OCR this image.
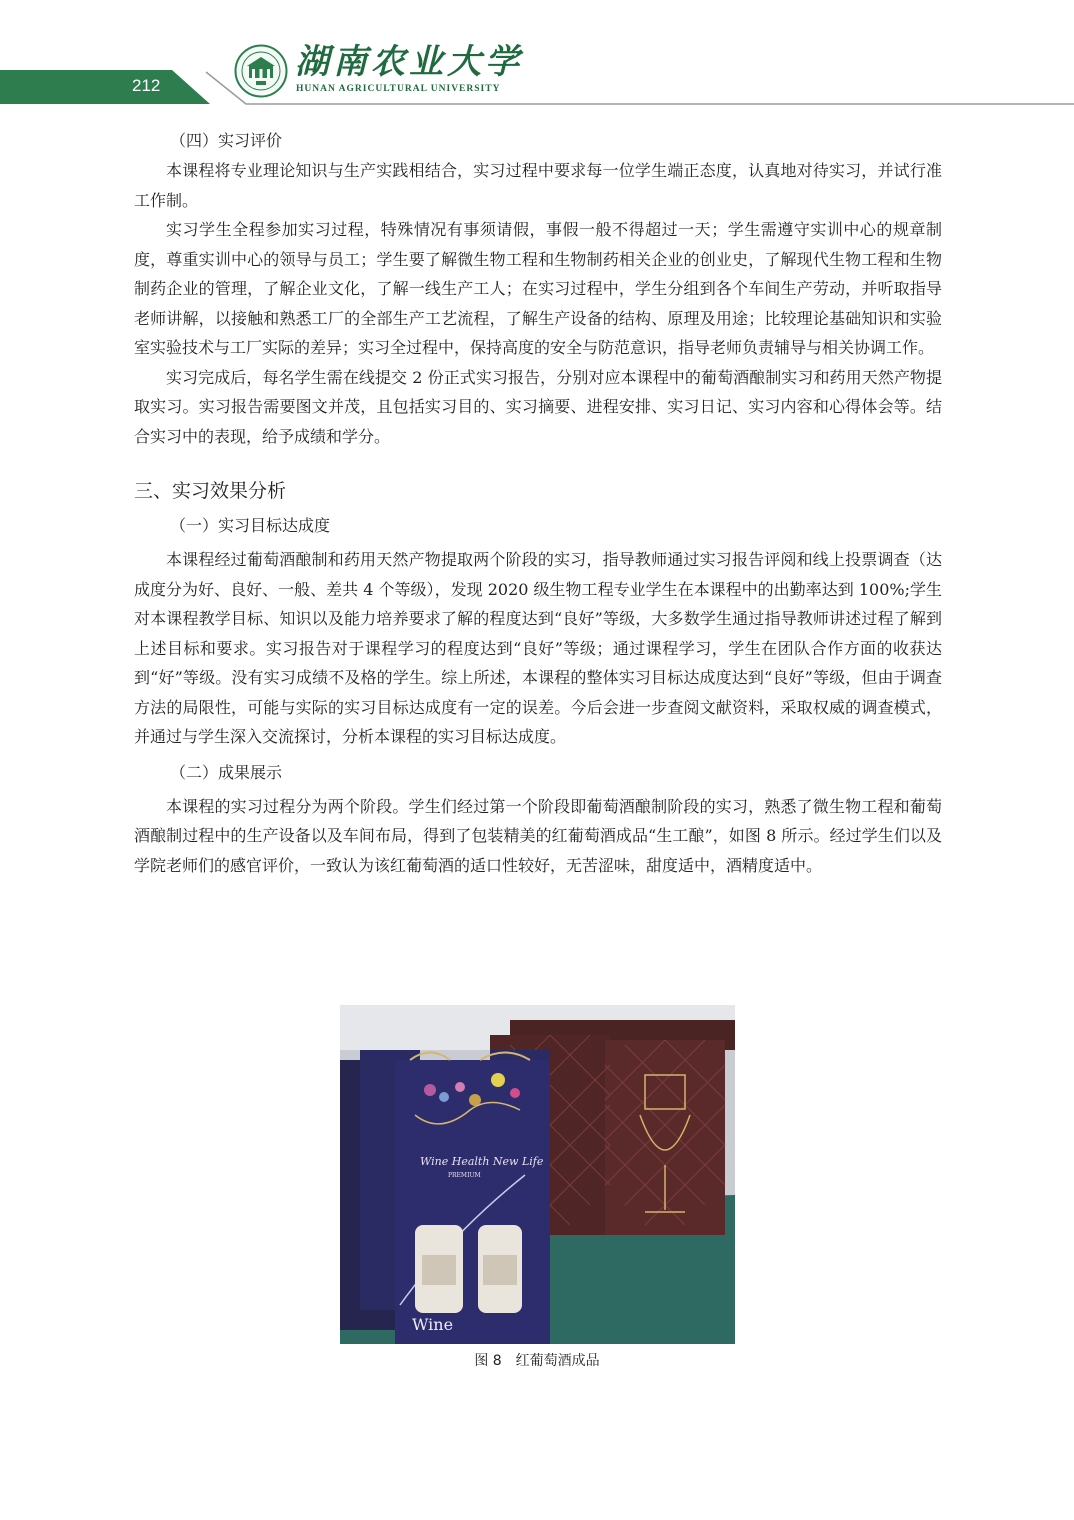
212
湖南农业大学
HUNAN AGRICULTURAL UNIVERSITY
（四）实习评价

本课程将专业理论知识与生产实践相结合，实习过程中要求每一位学生端正态度，认真地对待实习，并试行准工作制。

实习学生全程参加实习过程，特殊情况有事须请假，事假一般不得超过一天；学生需遵守实训中心的规章制度，尊重实训中心的领导与员工；学生要了解微生物工程和生物制药相关企业的创业史，了解现代生物工程和生物制药企业的管理，了解企业文化，了解一线生产工人；在实习过程中，学生分组到各个车间生产劳动，并听取指导老师讲解，以接触和熟悉工厂的全部生产工艺流程，了解生产设备的结构、原理及用途；比较理论基础知识和实验室实验技术与工厂实际的差异；实习全过程中，保持高度的安全与防范意识，指导老师负责辅导与相关协调工作。

实习完成后，每名学生需在线提交 2 份正式实习报告，分别对应本课程中的葡萄酒酿制实习和药用天然产物提取实习。实习报告需要图文并茂，且包括实习目的、实习摘要、进程安排、实习日记、实习内容和心得体会等。结合实习中的表现，给予成绩和学分。

三、实习效果分析
（一）实习目标达成度

本课程经过葡萄酒酿制和药用天然产物提取两个阶段的实习，指导教师通过实习报告评阅和线上投票调查（达成度分为好、良好、一般、差共 4 个等级），发现 2020 级生物工程专业学生在本课程中的出勤率达到 100%;学生对本课程教学目标、知识以及能力培养要求了解的程度达到“良好”等级，大多数学生通过指导教师讲述过程了解到上述目标和要求。实习报告对于课程学习的程度达到“良好”等级；通过课程学习，学生在团队合作方面的收获达到“好”等级。没有实习成绩不及格的学生。综上所述，本课程的整体实习目标达成度达到“良好”等级，但由于调查方法的局限性，可能与实际的实习目标达成度有一定的误差。今后会进一步查阅文献资料，采取权威的调查模式，并通过与学生深入交流探讨，分析本课程的实习目标达成度。

（二）成果展示

本课程的实习过程分为两个阶段。学生们经过第一个阶段即葡萄酒酿制阶段的实习，熟悉了微生物工程和葡萄酒酿制过程中的生产设备以及车间布局，得到了包装精美的红葡萄酒成品“生工酿”，如图 8 所示。经过学生们以及学院老师们的感官评价，一致认为该红葡萄酒的适口性较好，无苦涩味，甜度适中，酒精度适中。

Wine Health New Life
PREMIUM
Wine
图 8　红葡萄酒成品
